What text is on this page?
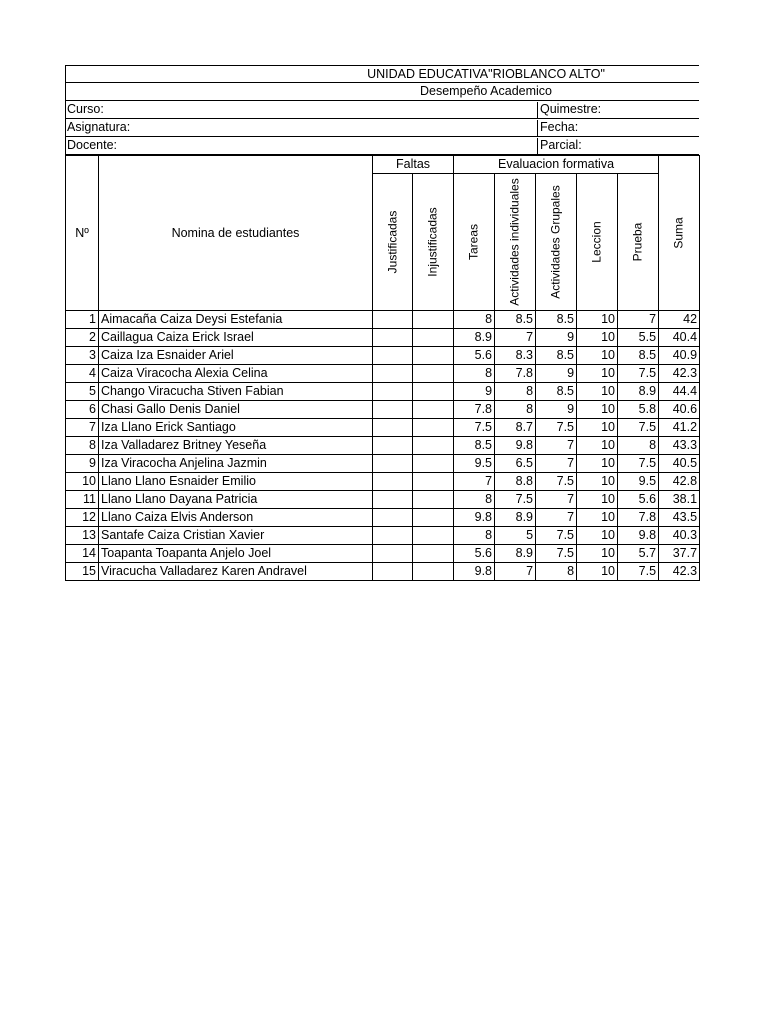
UNIDAD EDUCATIVA"RIOBLANCO ALTO"
Desempeño Academico
Curso:	Quimestre:
Asignatura:	Fecha:
Docente:	Parcial:
Nº	Nomina de estudiantes	Faltas		Evaluacion formativa					Suma

		Justificadas	Injustificadas	Tareas	Actividades individuales	Actividades Grupales	Leccion	Prueba	

1	Aimacaña Caiza Deysi Estefania			8	8.5	8.5	10	7	42
2	Caillagua Caiza Erick Israel			8.9	7	9	10	5.5	40.4
3	Caiza Iza Esnaider Ariel			5.6	8.3	8.5	10	8.5	40.9
4	Caiza Viracocha Alexia Celina			8	7.8	9	10	7.5	42.3
5	Chango Viracucha Stiven Fabian			9	8	8.5	10	8.9	44.4
6	Chasi Gallo Denis Daniel			7.8	8	9	10	5.8	40.6
7	Iza Llano Erick Santiago			7.5	8.7	7.5	10	7.5	41.2
8	Iza Valladarez Britney Yeseña			8.5	9.8	7	10	8	43.3
9	Iza Viracocha Anjelina Jazmin			9.5	6.5	7	10	7.5	40.5
10	Llano Llano Esnaider Emilio			7	8.8	7.5	10	9.5	42.8
11	Llano Llano Dayana Patricia			8	7.5	7	10	5.6	38.1
12	Llano Caiza Elvis Anderson			9.8	8.9	7	10	7.8	43.5
13	Santafe Caiza Cristian Xavier			8	5	7.5	10	9.8	40.3
14	Toapanta Toapanta Anjelo Joel			5.6	8.9	7.5	10	5.7	37.7
15	Viracucha Valladarez Karen Andravel			9.8	7	8	10	7.5	42.3
